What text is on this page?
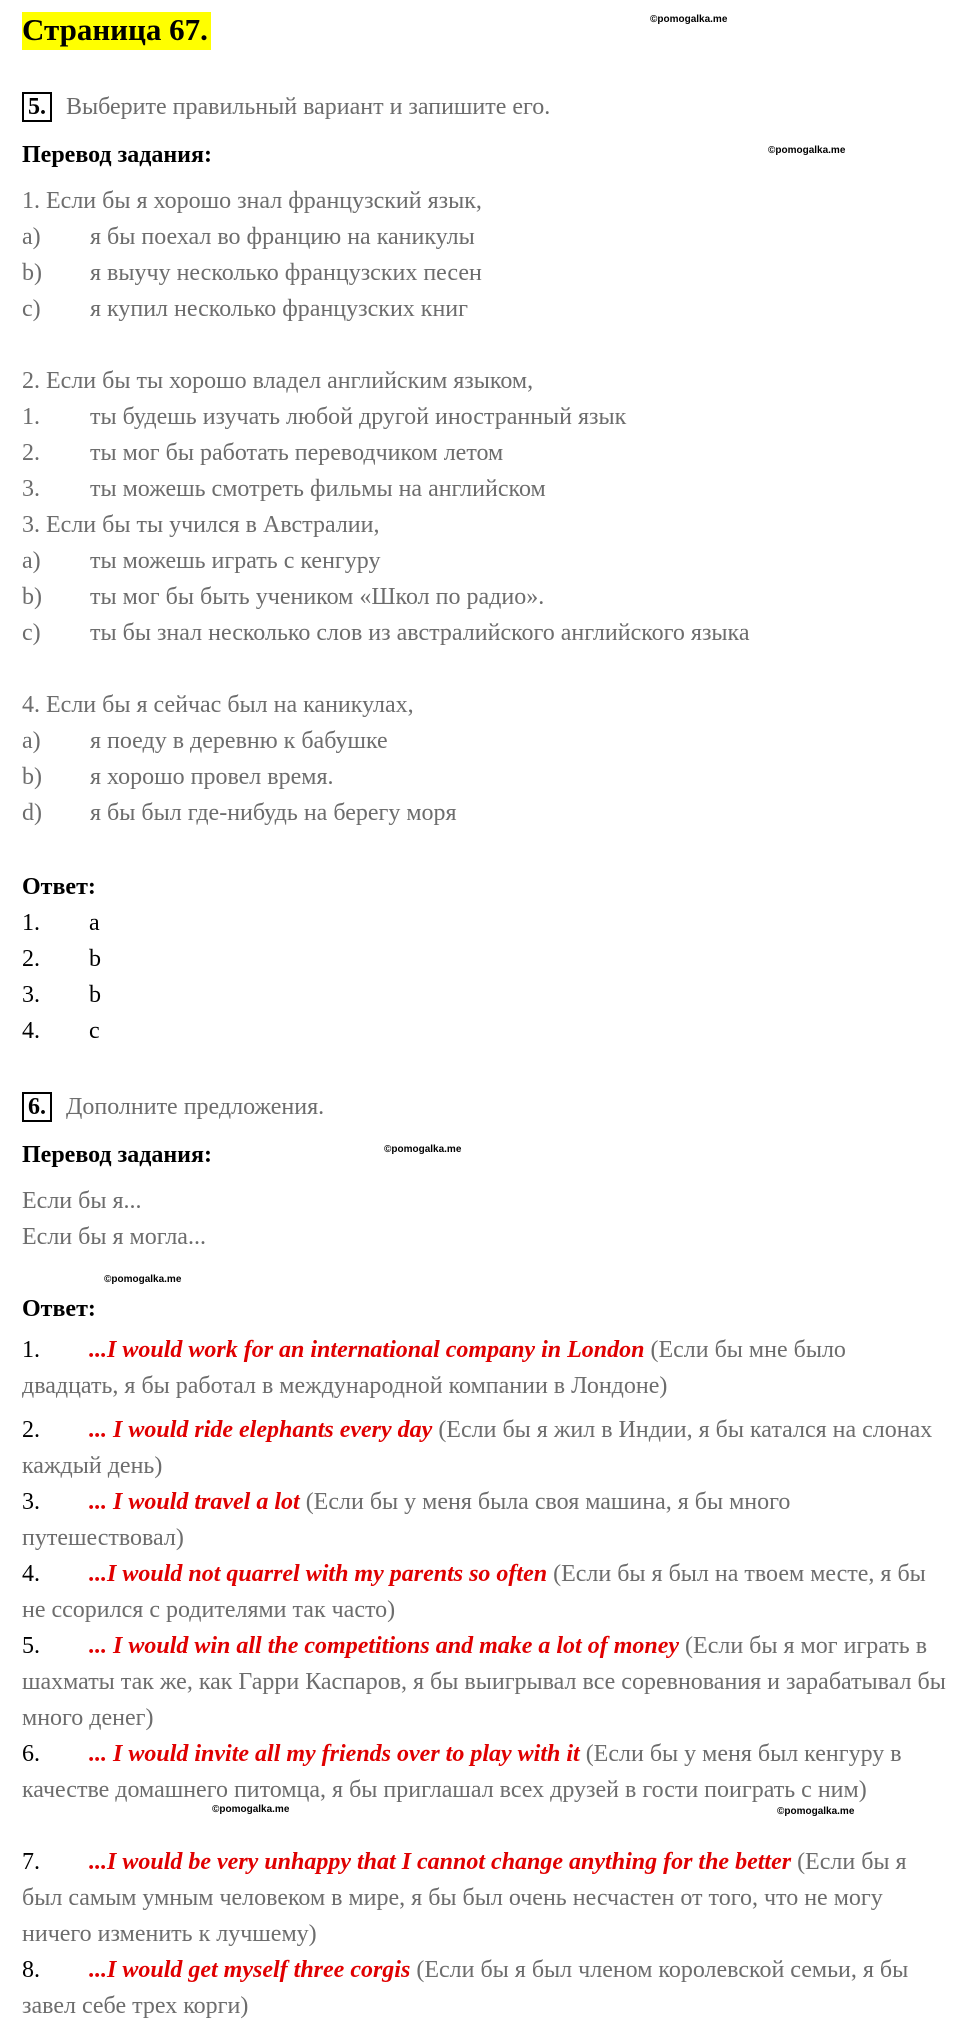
Страница 67.	©pomogalka.me
5. Выберите правильный вариант и запишите его.
Перевод задания:	©pomogalka.me
1. Если бы я хорошо знал французский язык,
a) я бы поехал во францию на каникулы
b) я выучу несколько французских песен
c) я купил несколько французских книг
2. Если бы ты хорошо владел английским языком,
1. ты будешь изучать любой другой иностранный язык
2. ты мог бы работать переводчиком летом
3. ты можешь смотреть фильмы на английском
3. Если бы ты учился в Австралии,
a) ты можешь играть с кенгуру
b) ты мог бы быть учеником «Школ по радио».
c) ты бы знал несколько слов из австралийского английского языка
4. Если бы я сейчас был на каникулах,
a) я поеду в деревню к бабушке
b) я хорошо провел время.
d) я бы был где-нибудь на берегу моря
Ответ:
1. a
2. b
3. b
4. c
6. Дополните предложения.
Перевод задания:	©pomogalka.me
Если бы я...
Если бы я могла...
©pomogalka.me
Ответ:
1. ...I would work for an international company in London (Если бы мне было двадцать, я бы работал в международной компании в Лондоне)
2. ... I would ride elephants every day (Если бы я жил в Индии, я бы катался на слонах каждый день)
3. ... I would travel a lot (Если бы у меня была своя машина, я бы много путешествовал)
4. ...I would not quarrel with my parents so often (Если бы я был на твоем месте, я бы не ссорился с родителями так часто)
5. ... I would win all the competitions and make a lot of money (Если бы я мог играть в шахматы так же, как Гарри Каспаров, я бы выигрывал все соревнования и зарабатывал бы много денег)
6. ... I would invite all my friends over to play with it (Если бы у меня был кенгуру в качестве домашнего питомца, я бы приглашал всех друзей в гости поиграть с ним)
©pomogalka.me	©pomogalka.me
7. ...I would be very unhappy that I cannot change anything for the better (Если бы я был самым умным человеком в мире, я бы был очень несчастен от того, что не могу ничего изменить к лучшему)
8. ...I would get myself three corgis (Если бы я был членом королевской семьи, я бы завел себе трех корги)
